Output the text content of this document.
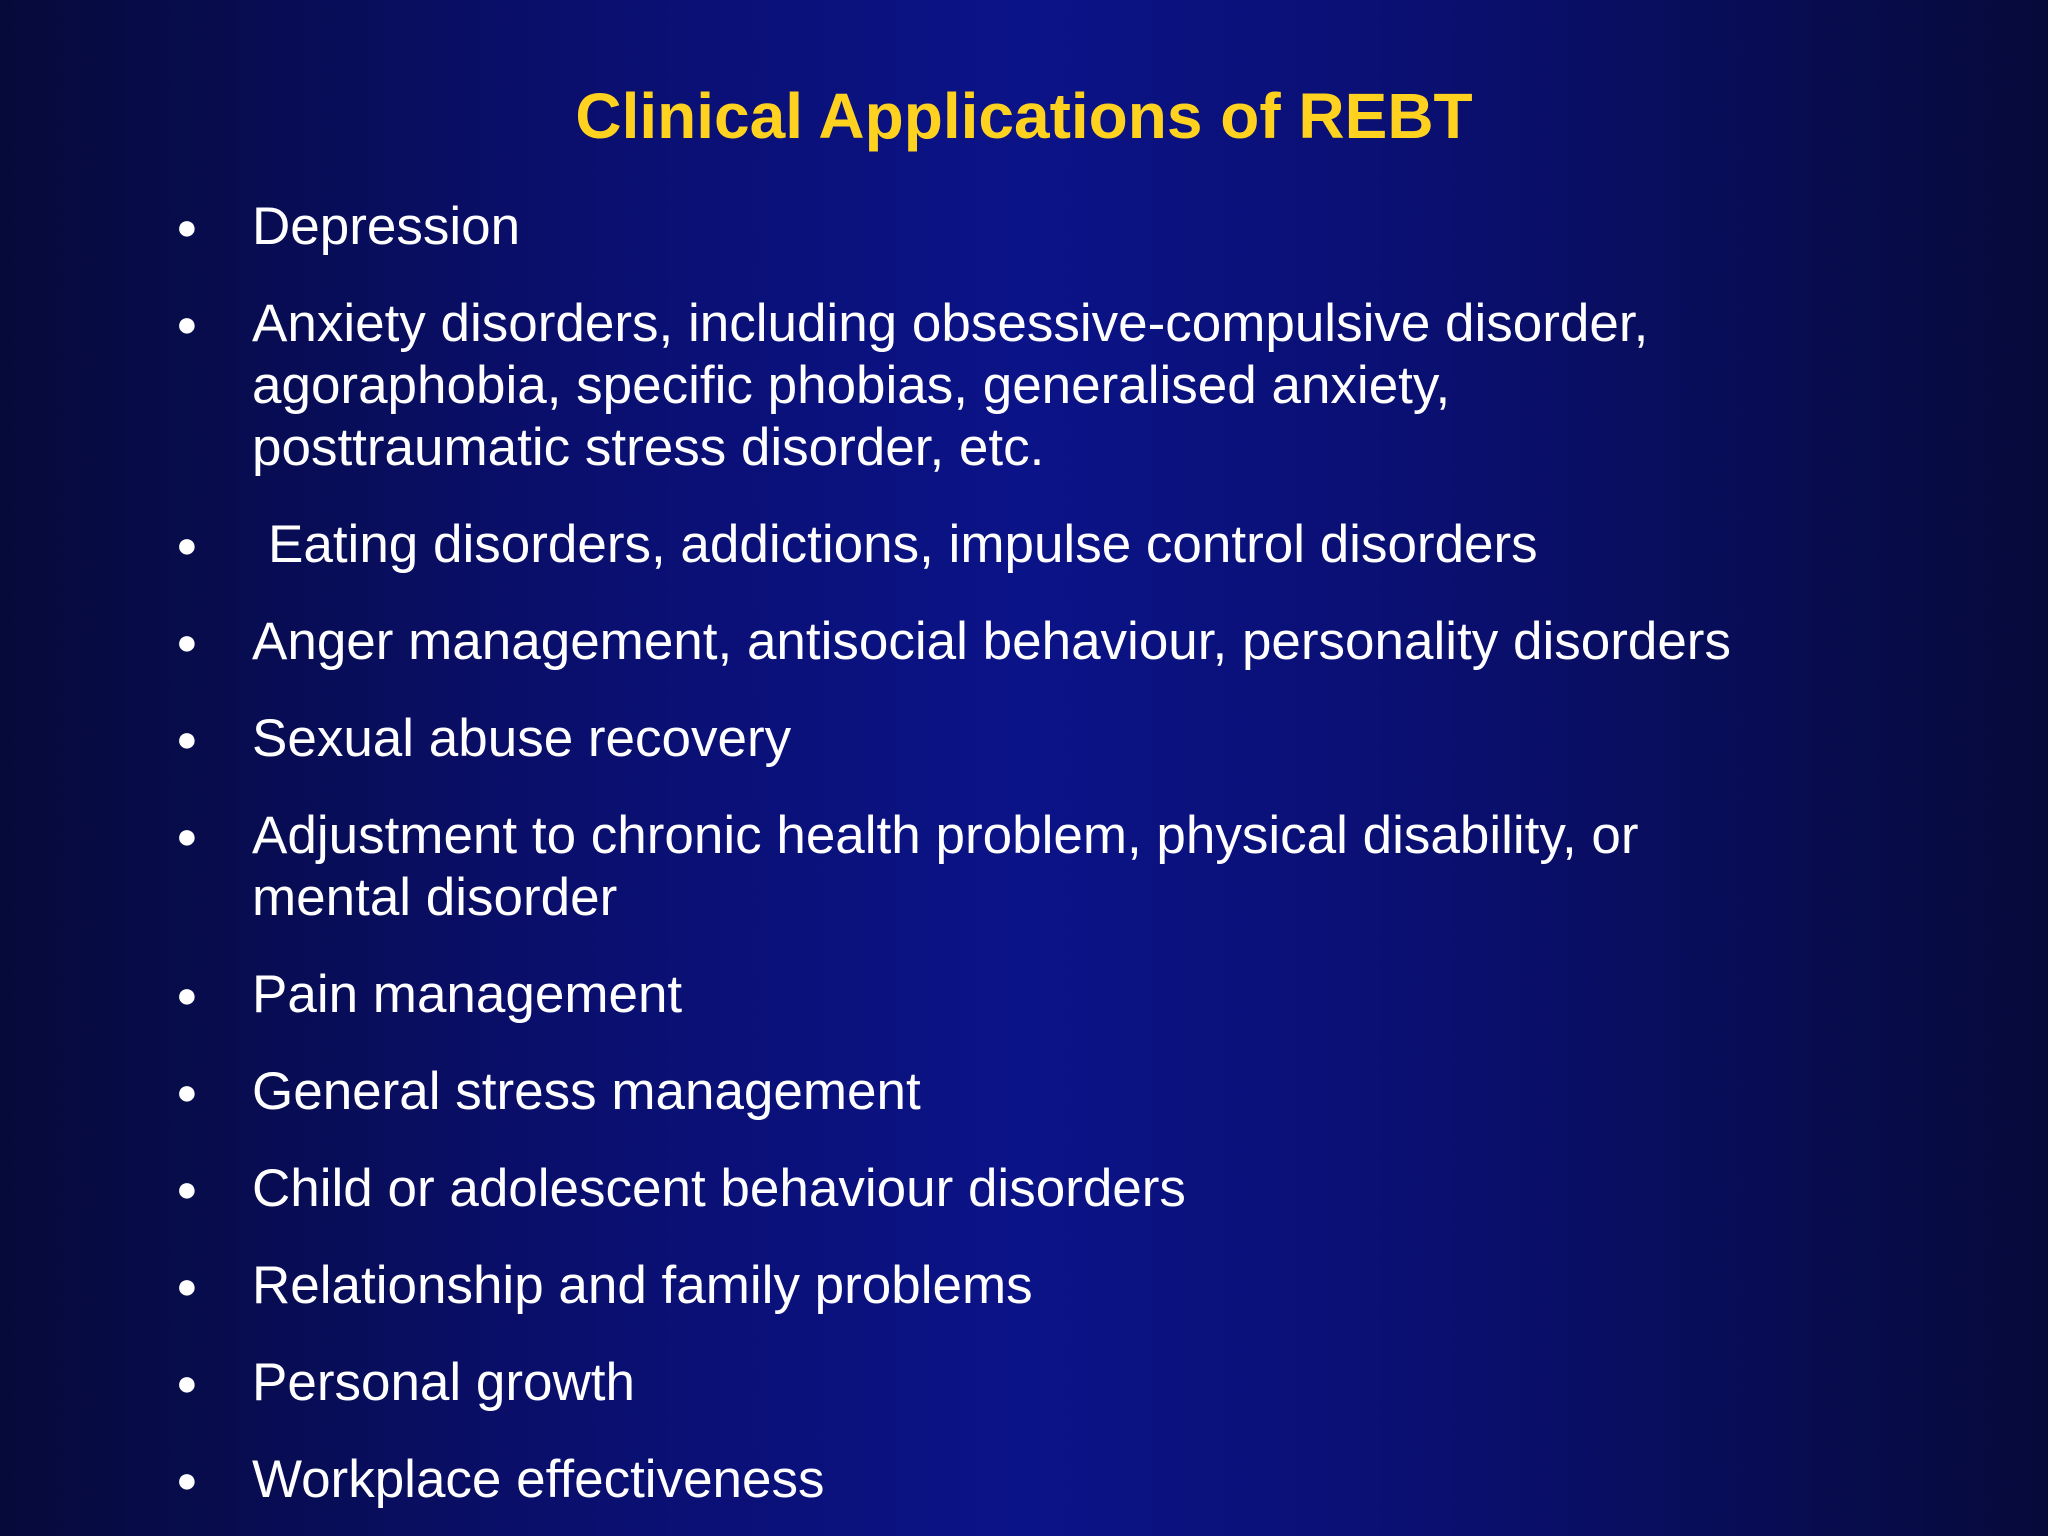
Clinical Applications of REBT
●	Depression
●	Anxiety disorders, including obsessive-compulsive disorder,
agoraphobia, specific phobias, generalised anxiety,
posttraumatic stress disorder, etc.
●	Eating disorders, addictions, impulse control disorders
●	Anger management, antisocial behaviour, personality disorders
●	Sexual abuse recovery
●	Adjustment to chronic health problem, physical disability, or
mental disorder
●	Pain management
●	General stress management
●	Child or adolescent behaviour disorders
●	Relationship and family problems
●	Personal growth
●	Workplace effectiveness
